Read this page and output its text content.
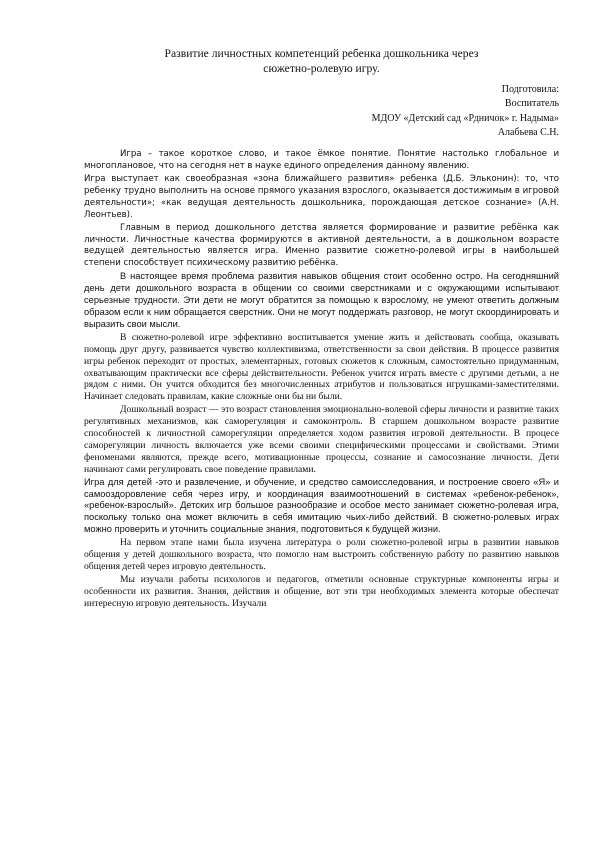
Развитие личностных компетенций ребенка дошкольника через
сюжетно-ролевую игру.
Подготовила:
Воспитатель
МДОУ «Детский сад «Рдничок» г. Надыма»
Алабьева С.Н.

Игра – такое короткое слово, и такое ёмкое понятие. Понятие настолько глобальное и многоплановое, что на сегодня нет в науке единого определения данному явлению.

Игра выступает как своеобразная «зона ближайшего развития» ребенка (Д.Б. Эльконин): то, что ребенку трудно выполнить на основе прямого указания взрослого, оказывается достижимым в игровой деятельности»; «как ведущая деятельность дошкольника, порождающая детское сознание» (А.Н. Леонтьев).

Главным в период дошкольного детства является формирование и развитие ребёнка как личности. Личностные качества формируются в активной деятельности, а в дошкольном возрасте ведущей деятельностью является игра. Именно развитие сюжетно-ролевой игры в наибольшей степени способствует психическому развитию ребёнка.

В настоящее время проблема развития навыков общения стоит особенно остро. На сегодняшний день дети дошкольного возраста в общении со своими сверстниками и с окружающими испытывают серьезные трудности. Эти дети не могут обратится за помощью к взрослому, не умеют ответить должным образом если к ним обращается сверстник. Они не могут поддержать разговор, не могут скоординировать и выразить свои мысли.

В сюжетно-ролевой игре эффективно воспитывается умение жить и действовать сообща, оказывать помощь друг другу, развивается чувство коллективизма, ответственности за свои действия. В процессе развития игры ребенок переходит от простых, элементарных, готовых сюжетов к сложным, самостоятельно придуманным, охватывающим практически все сферы действительности. Ребенок учится играть вместе с другими детьми, а не рядом с ними. Он учится обходится без многочисленных атрибутов и пользоваться игрушками-заместителями. Начинает следовать правилам, какие сложные они бы ни были.

Дошкольный возраст — это возраст становления эмоционально-волевой сферы личности и развитие таких регулятивных механизмов, как саморегуляция и самоконтроль. В старшем дошкольном возрасте развитие способностей к личностной саморегуляции определяется ходом развития игровой деятельности. В процесе саморегуляции личность включается уже всеми своими специфическими процессами и свойствами. Этими феноменами являются, прежде всего, мотивационные процессы, сознание и самосознание личности. Дети начинают сами регулировать свое поведение правилами.

Игра для детей -это и развлечение, и обучение, и средство самоисследования, и построение своего «Я» и самооздоровление себя через игру, и координация взаимоотношений в системах «ребенок-ребенок», «ребенок-взрослый». Детских игр большое разнообразие и особое место занимает сюжетно-ролевая игра, поскольку только она может включить в себя имитацию чьих-либо действий. В сюжетно-ролевых играх можно проверить и уточнить социальные знания, подготовиться к будущей жизни.

На первом этапе нами была изучена литература о роли сюжетно-ролевой игры в развитии навыков общения у детей дошкольного возраста, что помогло нам выстроить собственную работу по развитию навыков общения детей через игровую деятельность.

Мы изучали работы психологов и педагогов, отметили основные структурные компоненты игры и особенности их развития. Знания, действия и общение, вот эти три необходимых элемента которые обеспечат интересную игровую деятельность. Изучали
